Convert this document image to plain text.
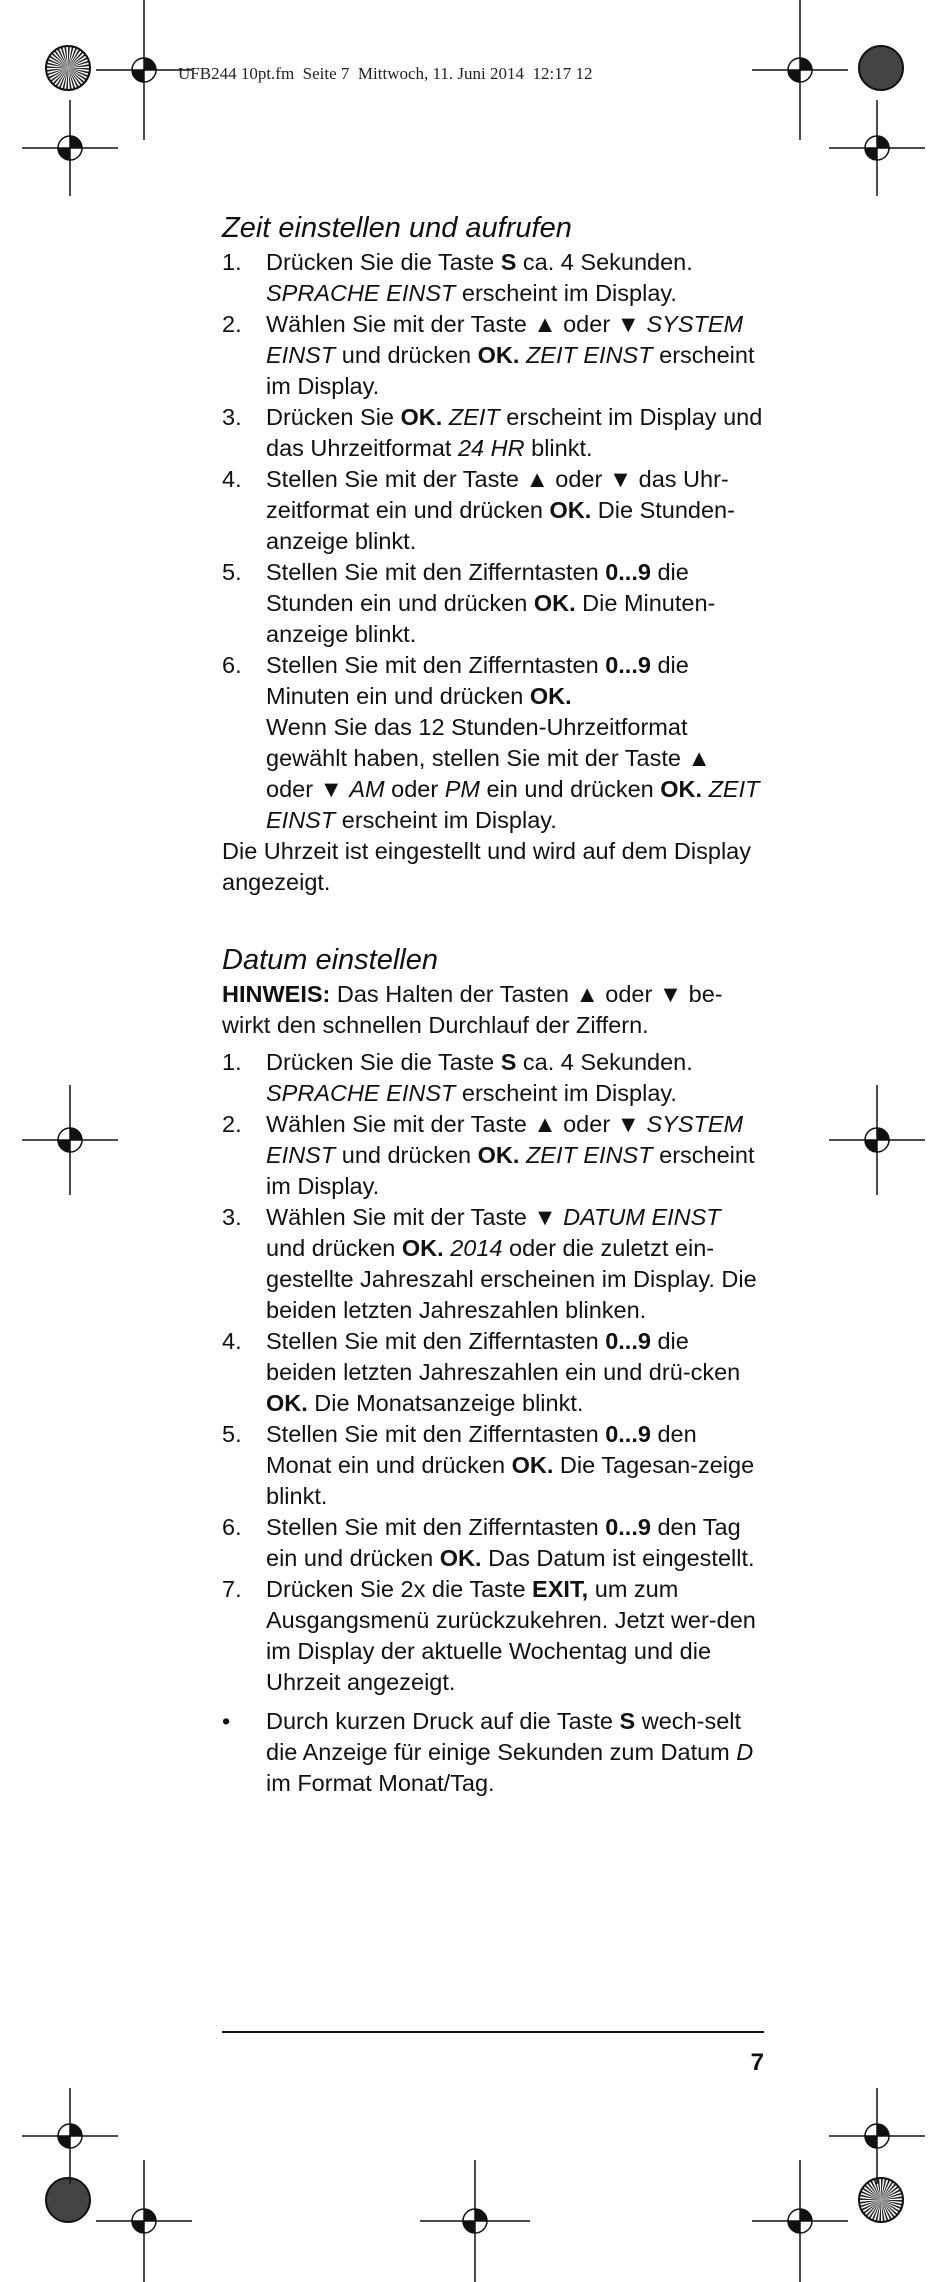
UFB244 10pt.fm  Seite 7  Mittwoch, 11. Juni 2014  12:17 12
Zeit einstellen und aufrufen
1. Drücken Sie die Taste S ca. 4 Sekunden. SPRACHE EINST erscheint im Display.
2. Wählen Sie mit der Taste ▲ oder ▼ SYSTEM EINST und drücken OK. ZEIT EINST erscheint im Display.
3. Drücken Sie OK. ZEIT erscheint im Display und das Uhrzeitformat 24 HR blinkt.
4. Stellen Sie mit der Taste ▲ oder ▼ das Uhr-zeitformat ein und drücken OK. Die Stunden-anzeige blinkt.
5. Stellen Sie mit den Zifferntasten 0...9 die Stunden ein und drücken OK. Die Minuten-anzeige blinkt.
6. Stellen Sie mit den Zifferntasten 0...9 die Minuten ein und drücken OK.
Wenn Sie das 12 Stunden-Uhrzeitformat gewählt haben, stellen Sie mit der Taste ▲ oder ▼ AM oder PM ein und drücken OK. ZEIT EINST erscheint im Display.

Die Uhrzeit ist eingestellt und wird auf dem Display angezeigt.

Datum einstellen

HINWEIS: Das Halten der Tasten ▲ oder ▼ be-wirkt den schnellen Durchlauf der Ziffern.

1. Drücken Sie die Taste S ca. 4 Sekunden. SPRACHE EINST erscheint im Display.
2. Wählen Sie mit der Taste ▲ oder ▼ SYSTEM EINST und drücken OK. ZEIT EINST erscheint im Display.
3. Wählen Sie mit der Taste ▼ DATUM EINST und drücken OK. 2014 oder die zuletzt ein-gestellte Jahreszahl erscheinen im Display. Die beiden letzten Jahreszahlen blinken.
4. Stellen Sie mit den Zifferntasten 0...9 die beiden letzten Jahreszahlen ein und drü-cken OK. Die Monatsanzeige blinkt.
5. Stellen Sie mit den Zifferntasten 0...9 den Monat ein und drücken OK. Die Tagesan-zeige blinkt.
6. Stellen Sie mit den Zifferntasten 0...9 den Tag ein und drücken OK. Das Datum ist eingestellt.
7. Drücken Sie 2x die Taste EXIT, um zum Ausgangsmenü zurückzukehren. Jetzt wer-den im Display der aktuelle Wochentag und die Uhrzeit angezeigt.
• Durch kurzen Druck auf die Taste S wech-selt die Anzeige für einige Sekunden zum Datum D im Format Monat/Tag.
7
